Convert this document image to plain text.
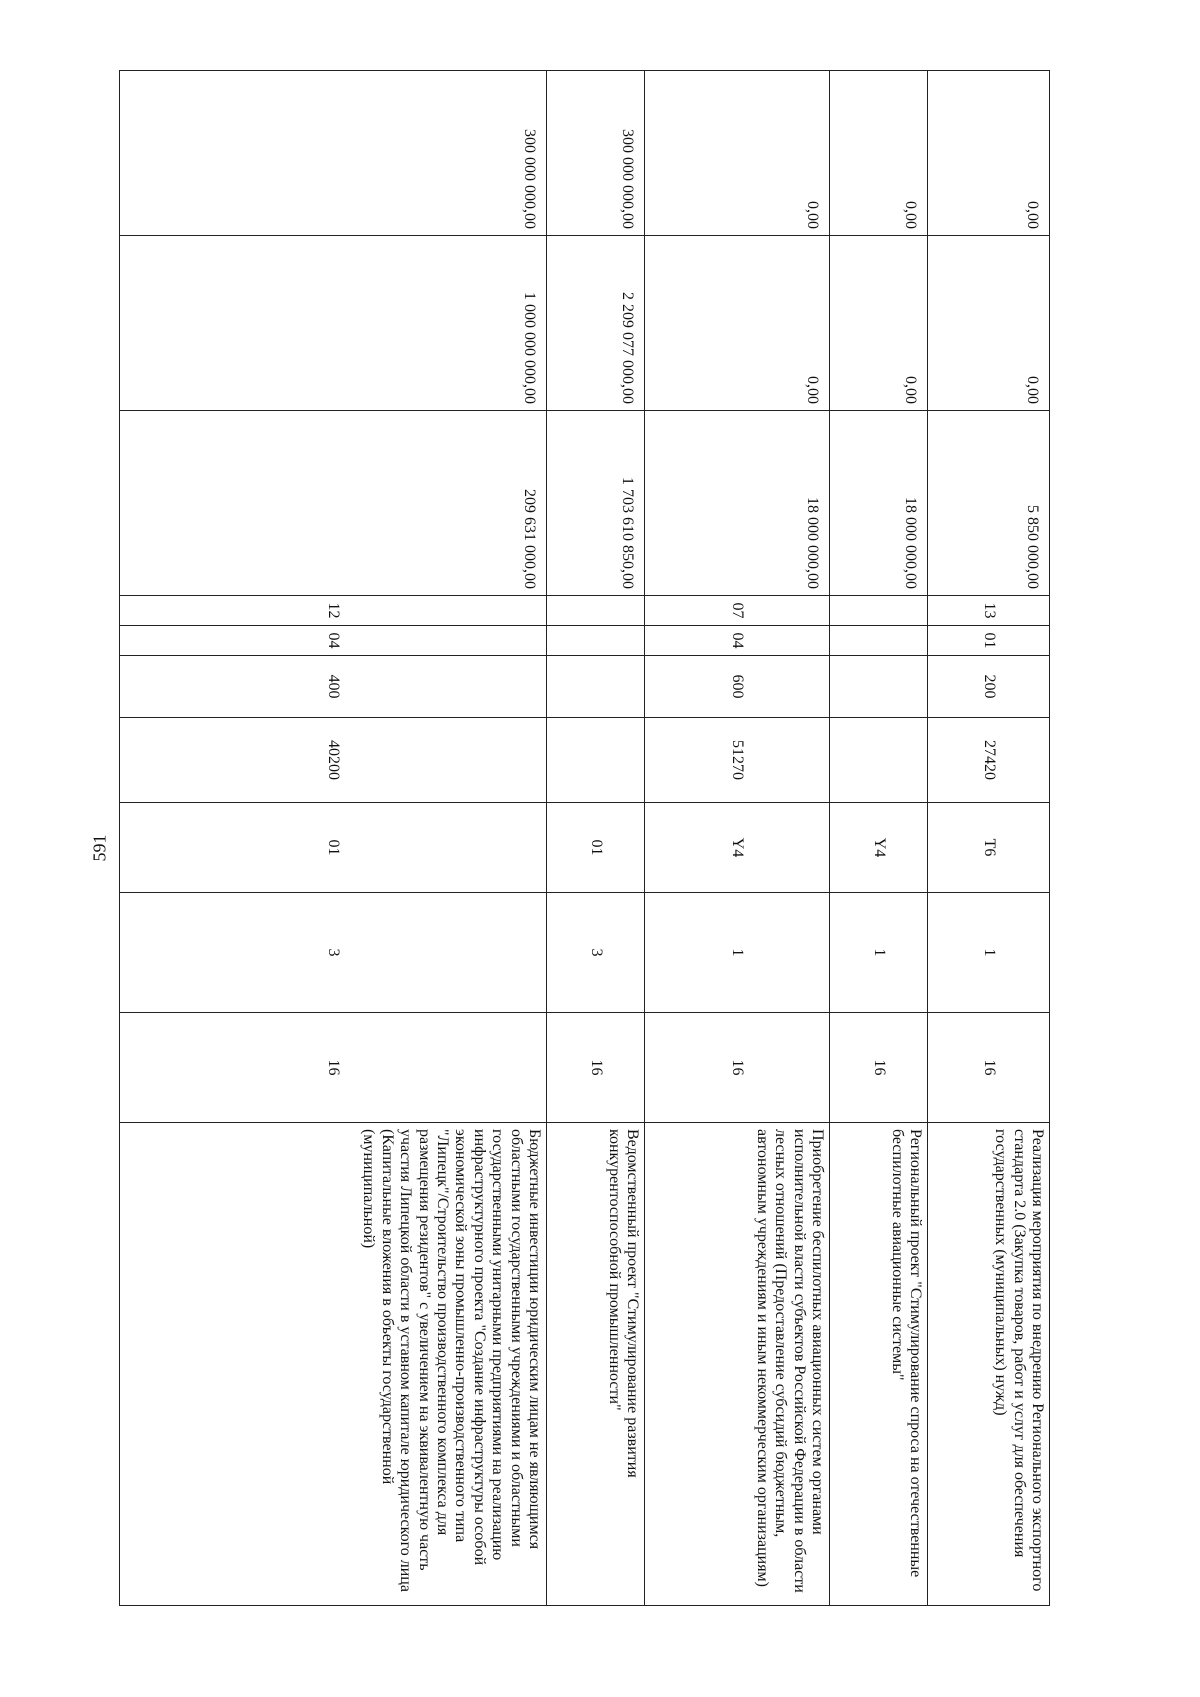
591
0,00	0,00	5 850 000,00	13	01	200	27420	T6	1	16	Реализация мероприятия по внедрению Регионального экспортного стандарта 2.0 (Закупка товаров, работ и услуг для обеспечения государственных (муниципальных) нужд)
0,00	0,00	18 000 000,00					Y4	1	16	Региональный проект "Стимулирование спроса на отечественные беспилотные авиационные системы"
0,00	0,00	18 000 000,00	07	04	600	51270	Y4	1	16	Приобретение беспилотных авиационных систем органами исполнительной власти субъектов Российской Федерации в области лесных отношений (Предоставление субсидий бюджетным, автономным учреждениям и иным некоммерческим организациям)
300 000 000,00	2 209 077 000,00	1 703 610 850,00					01	3	16	Ведомственный проект "Стимулирование развития конкурентоспособной промышленности"
300 000 000,00	1 000 000 000,00	209 631 000,00	12	04	400	40200	01	3	16	Бюджетные инвестиции юридическим лицам не являющимся областными государственными учреждениями и областными государственными унитарными предприятиями на реализацию инфраструктурного проекта "Создание инфраструктуры особой экономической зоны промышленно-производственного типа "Липецк"/Строительство производственного комплекса для размещения резидентов" с увеличением на эквивалентную часть участия Липецкой области в уставном капитале юридического лица (Капитальные вложения в объекты государственной (муниципальной)
